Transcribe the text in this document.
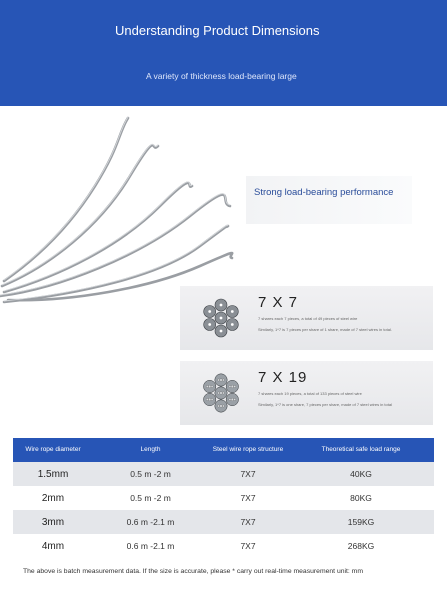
Understanding Product Dimensions
A variety of thickness load-bearing large
Strong load-bearing performance
7 X 7
7 shares each 7 pieces, a total of 49 pieces of steel wire
Similarly, 1*7 is 7 pieces per share of 1 share, made of 7 steel wires in total.
7 X 19
7 shares each 19 pieces, a total of 133 pieces of steel wire
Similarly, 1*7 is one share, 7 pieces per share, made of 7 steel wires in total
Wire rope diameter	Length	Steel wire rope structure	Theoretical safe load range
1.5mm	0.5 m -2 m	7X7	40KG
2mm	0.5 m -2 m	7X7	80KG
3mm	0.6 m -2.1 m	7X7	159KG
4mm	0.6 m -2.1 m	7X7	268KG
The above is batch measurement data. If the size is accurate, please * carry out real-time measurement unit: mm
